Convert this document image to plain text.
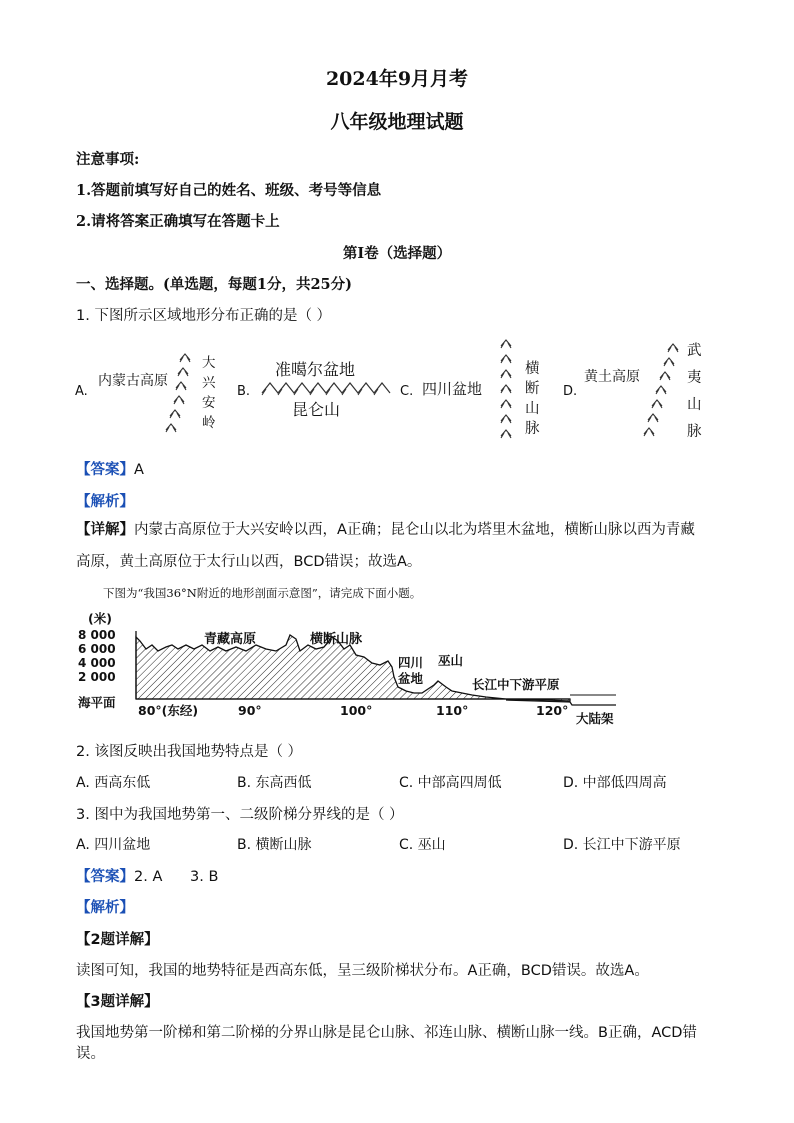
2024年9月月考
八年级地理试题
注意事项:
1.答题前填写好自己的姓名、班级、考号等信息
2.请将答案正确填写在答题卡上
第Ⅰ卷（选择题）
一、选择题。(单选题，每题1分，共25分)
1. 下图所示区域地形分布正确的是（ ）
A.
内蒙古高原
大
兴
安
岭
B.
准噶尔盆地
昆仑山
C. 四川盆地
横
断
山
脉
D.
黄土高原
武
夷
山
脉
【答案】A
【解析】
【详解】内蒙古高原位于大兴安岭以西，A正确；昆仑山以北为塔里木盆地，横断山脉以西为青藏高原，黄土高原位于太行山以西，BCD错误；故选A。
下图为“我国36°N附近的地形剖面示意图”，请完成下面小题。
(米)
8 000
6 000
4 000
2 000
海平面
青藏高原	横断山脉
四川
盆地
巫山
长江中下游平原
大陆架
80°(东经)	90°	100°	110°	120°
2. 该图反映出我国地势特点是（ ）
A. 西高东低	B. 东高西低	C. 中部高四周低	D. 中部低四周高
3. 图中为我国地势第一、二级阶梯分界线的是（ ）
A. 四川盆地	B. 横断山脉	C. 巫山	D. 长江中下游平原
【答案】2. A      3. B
【解析】
【2题详解】
读图可知，我国的地势特征是西高东低，呈三级阶梯状分布。A正确，BCD错误。故选A。
【3题详解】
我国地势第一阶梯和第二阶梯的分界山脉是昆仑山脉、祁连山脉、横断山脉一线。B正确，ACD错误。
